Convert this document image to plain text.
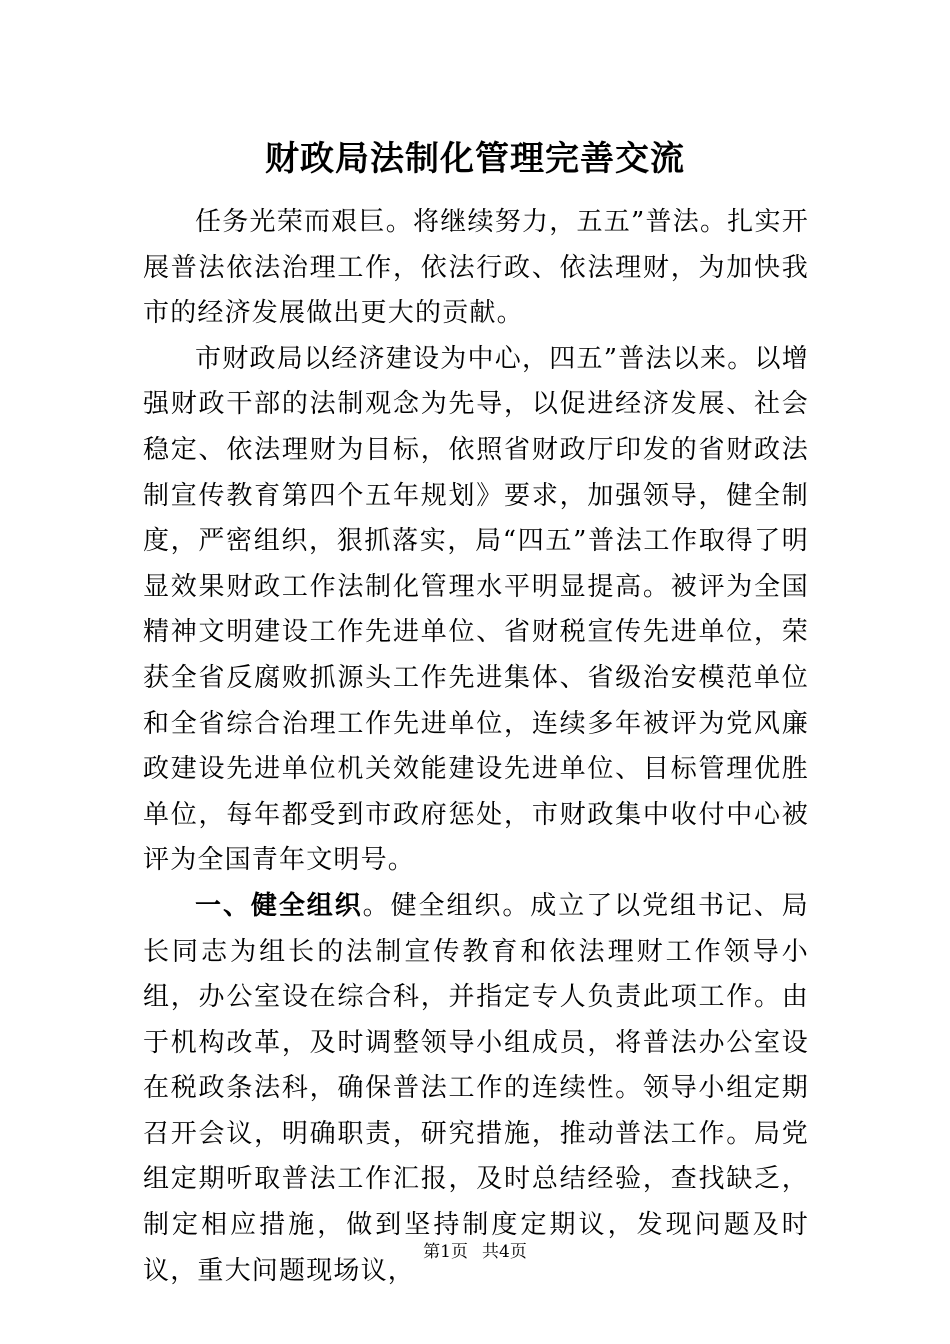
财政局法制化管理完善交流

任务光荣而艰巨。将继续努力，五五”普法。扎实开展普法依法治理工作，依法行政、依法理财，为加快我市的经济发展做出更大的贡献。

市财政局以经济建设为中心，四五”普法以来。以增强财政干部的法制观念为先导，以促进经济发展、社会稳定、依法理财为目标，依照省财政厅印发的省财政法制宣传教育第四个五年规划》要求，加强领导，健全制度，严密组织，狠抓落实，局“四五”普法工作取得了明显效果财政工作法制化管理水平明显提高。被评为全国精神文明建设工作先进单位、省财税宣传先进单位，荣获全省反腐败抓源头工作先进集体、省级治安模范单位和全省综合治理工作先进单位，连续多年被评为党风廉政建设先进单位机关效能建设先进单位、目标管理优胜单位，每年都受到市政府惩处，市财政集中收付中心被评为全国青年文明号。

一、健全组织。健全组织。成立了以党组书记、局长同志为组长的法制宣传教育和依法理财工作领导小组，办公室设在综合科，并指定专人负责此项工作。由于机构改革，及时调整领导小组成员，将普法办公室设在税政条法科，确保普法工作的连续性。领导小组定期召开会议，明确职责，研究措施，推动普法工作。局党组定期听取普法工作汇报，及时总结经验，查找缺乏，制定相应措施，做到坚持制度定期议，发现问题及时议，重大问题现场议，

第1页 共4页
